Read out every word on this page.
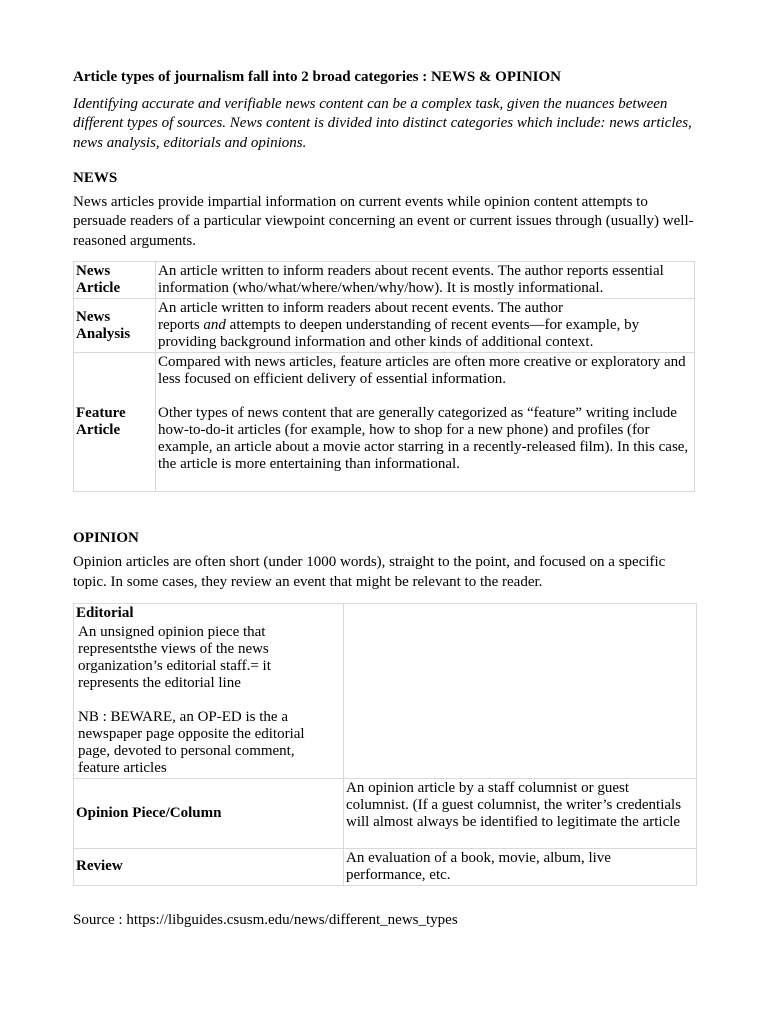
Article types of journalism fall into 2 broad categories : NEWS & OPINION

Identifying accurate and verifiable news content can be a complex task, given the nuances between different types of sources. News content is divided into distinct categories which include: news articles, news analysis, editorials and opinions.

NEWS

News articles provide impartial information on current events while opinion content attempts to persuade readers of a particular viewpoint concerning an event or current issues through (usually) well-reasoned arguments.

News Article	An article written to inform readers about recent events. The author reports essential information (who/what/where/when/why/how). It is mostly informational.
News Analysis	An article written to inform readers about recent events. The author
reports and attempts to deepen understanding of recent events—for example, by providing background information and other kinds of additional context.
Feature Article	Compared with news articles, feature articles are often more creative or exploratory and less focused on efficient delivery of essential information.

Other types of news content that are generally categorized as “feature” writing include how-to-do-it articles (for example, how to shop for a new phone) and profiles (for example, an article about a movie actor starring in a recently-released film). In this case, the article is more entertaining than informational.

OPINION

Opinion articles are often short (under 1000 words), straight to the point, and focused on a specific topic. In some cases, they review an event that might be relevant to the reader.

Editorial

An unsigned opinion piece that representsthe views of the news organization’s editorial staff.= it represents the editorial line

NB : BEWARE, an OP-ED is the a newspaper page opposite the editorial page, devoted to personal comment, feature articles	

Opinion Piece/Column	An opinion article by a staff columnist or guest columnist. (If a guest columnist, the writer’s credentials will almost always be identified to legitimate the article
Review	An evaluation of a book, movie, album, live performance, etc.

Source : https://libguides.csusm.edu/news/different_news_types
